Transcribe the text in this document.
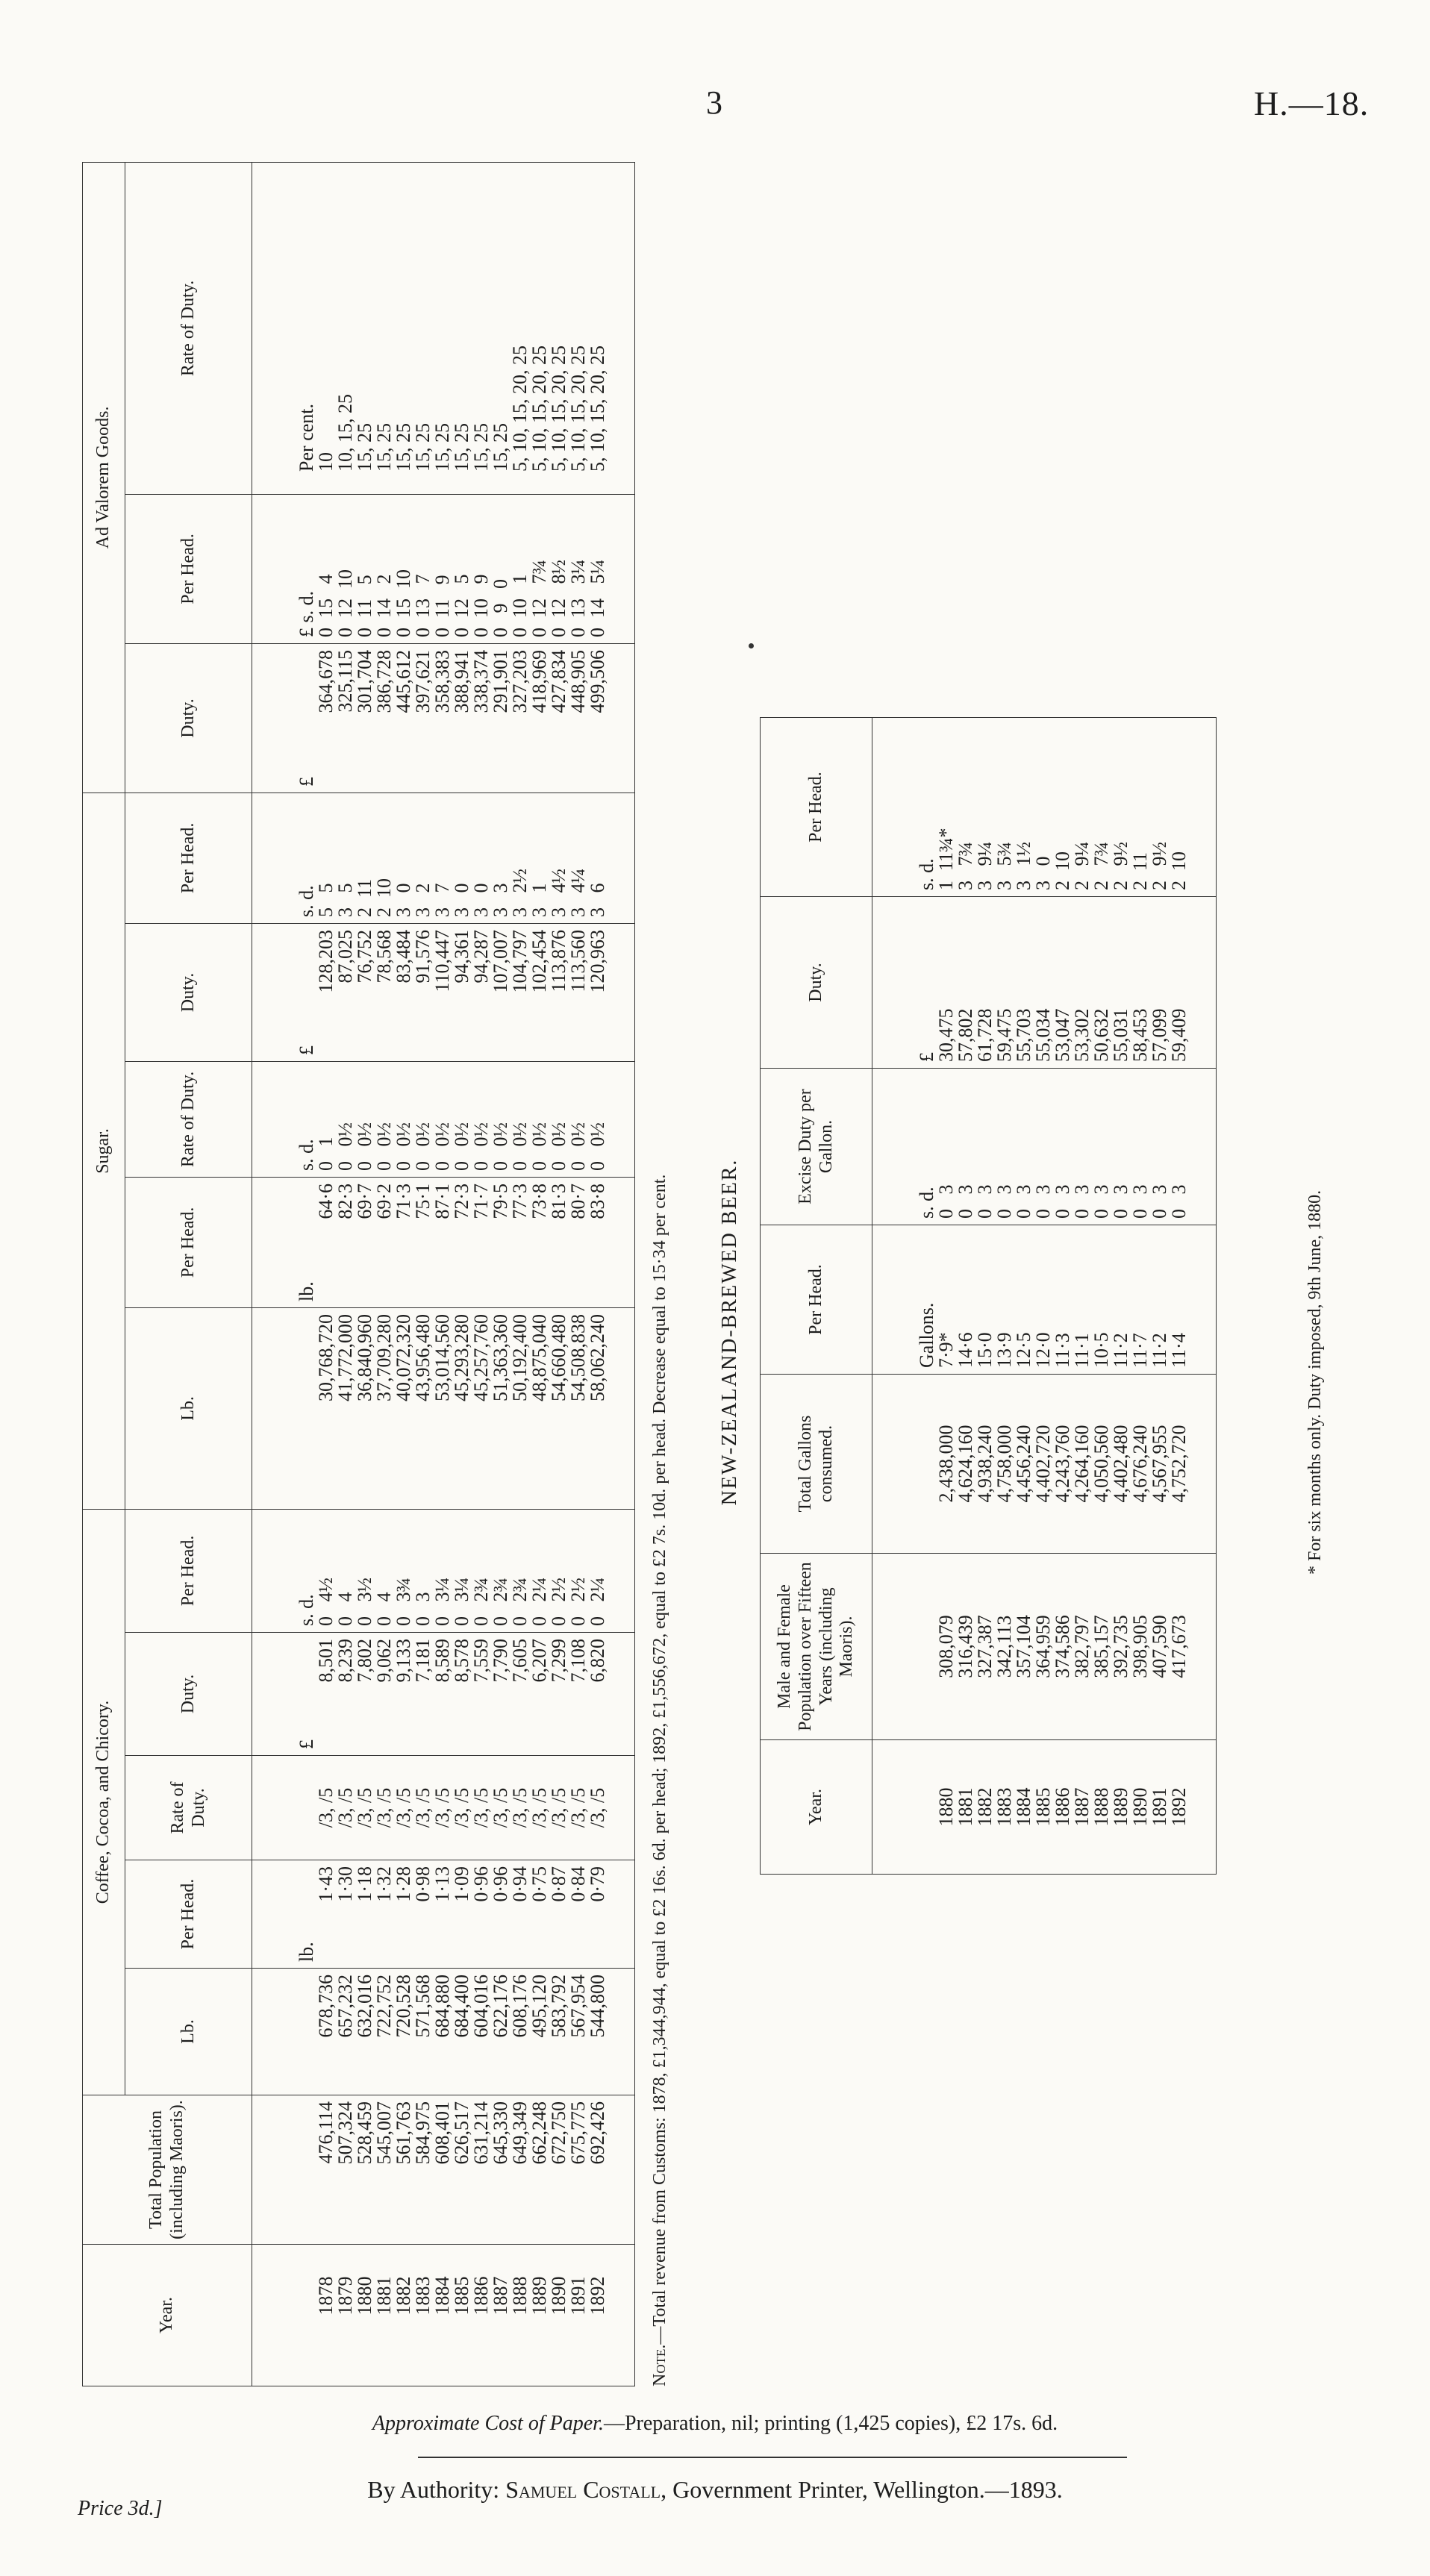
3	H.—18.
Year.	Total Population (including Maoris).	Coffee, Cocoa, and Chicory.					Sugar.					Ad Valorem Goods.		
		Lb.	Per Head.	Rate of Duty.	Duty.	Per Head.	Lb.	Per Head.	Rate of Duty.	Duty.	Per Head.	Duty.	Per Head.	Rate of Duty.
			lb.		£	s. d.		lb.	s. d.	£	s. d.	£	£ s. d.	Per cent.
1878	476,114	678,736	1·43	/3, /5	8,501	0   4½	30,768,720	64·6	0   1	128,203	5   5	364,678	0  15   4	10
1879	507,324	657,232	1·30	/3, /5	8,239	0   4	41,772,000	82·3	0   0½	87,025	3   5	325,115	0  12  10	10, 15, 25
1880	528,459	632,016	1·18	/3, /5	7,802	0   3½	36,840,960	69·7	0   0½	76,752	2  11	301,704	0  11   5	15, 25
1881	545,007	722,752	1·32	/3, /5	9,062	0   4	37,709,280	69·2	0   0½	78,568	2  10	386,728	0  14   2	15, 25
1882	561,763	720,528	1·28	/3, /5	9,133	0   3¾	40,072,320	71·3	0   0½	83,484	3   0	445,612	0  15  10	15, 25
1883	584,975	571,568	0·98	/3, /5	7,181	0   3	43,956,480	75·1	0   0½	91,576	3   2	397,621	0  13   7	15, 25
1884	608,401	684,880	1·13	/3, /5	8,589	0   3¼	53,014,560	87·1	0   0½	110,447	3   7	358,383	0  11   9	15, 25
1885	626,517	684,400	1·09	/3, /5	8,578	0   3¼	45,293,280	72·3	0   0½	94,361	3   0	388,941	0  12   5	15, 25
1886	631,214	604,016	0·96	/3, /5	7,559	0   2¾	45,257,760	71·7	0   0½	94,287	3   0	338,374	0  10   9	15, 25
1887	645,330	622,176	0·96	/3, /5	7,790	0   2¾	51,363,360	79·5	0   0½	107,007	3   3	291,901	0   9   0	15, 25
1888	649,349	608,176	0·94	/3, /5	7,605	0   2¾	50,192,400	77·3	0   0½	104,797	3   2½	327,203	0  10   1	5, 10, 15, 20, 25
1889	662,248	495,120	0·75	/3, /5	6,207	0   2¼	48,875,040	73·8	0   0½	102,454	3   1	418,969	0  12   7¾	5, 10, 15, 20, 25
1890	672,750	583,792	0·87	/3, /5	7,299	0   2½	54,660,480	81·3	0   0½	113,876	3   4½	427,834	0  12   8½	5, 10, 15, 20, 25
1891	675,775	567,954	0·84	/3, /5	7,108	0   2½	54,508,838	80·7	0   0½	113,560	3   4¼	448,905	0  13   3¼	5, 10, 15, 20, 25
1892	692,426	544,800	0·79	/3, /5	6,820	0   2¼	58,062,240	83·8	0   0½	120,963	3   6	499,506	0  14   5¼	5, 10, 15, 20, 25
Note.—Total revenue from Customs: 1878, £1,344,944, equal to £2 16s. 6d. per head; 1892, £1,556,672, equal to £2 7s. 10d. per head. Decrease equal to 15·34 per cent.	NEW-ZEALAND-BREWED BEER.
Year.	Male and Female Population over Fifteen Years (including Maoris).	Total Gallons consumed.	Per Head.	Excise Duty per Gallon.	Duty.	Per Head.
			Gallons.	s. d.	£	s. d.
1880	308,079	2,438,000	7·9*	0   3	30,475	1  11¾*
1881	316,439	4,624,160	14·6	0   3	57,802	3   7¾
1882	327,387	4,938,240	15·0	0   3	61,728	3   9¼
1883	342,113	4,758,000	13·9	0   3	59,475	3   5¾
1884	357,104	4,456,240	12·5	0   3	55,703	3   1½
1885	364,959	4,402,720	12·0	0   3	55,034	3   0
1886	374,586	4,243,760	11·3	0   3	53,047	2  10
1887	382,797	4,264,160	11·1	0   3	53,302	2   9¼
1888	385,157	4,050,560	10·5	0   3	50,632	2   7¾
1889	392,735	4,402,480	11·2	0   3	55,031	2   9½
1890	398,905	4,676,240	11·7	0   3	58,453	2  11
1891	407,590	4,567,955	11·2	0   3	57,099	2   9½
1892	417,673	4,752,720	11·4	0   3	59,409	2  10
* For six months only. Duty imposed, 9th June, 1880.
Approximate Cost of Paper.—Preparation, nil; printing (1,425 copies), £2 17s. 6d.
By Authority: Samuel Costall, Government Printer, Wellington.—1893.
Price 3d.]
